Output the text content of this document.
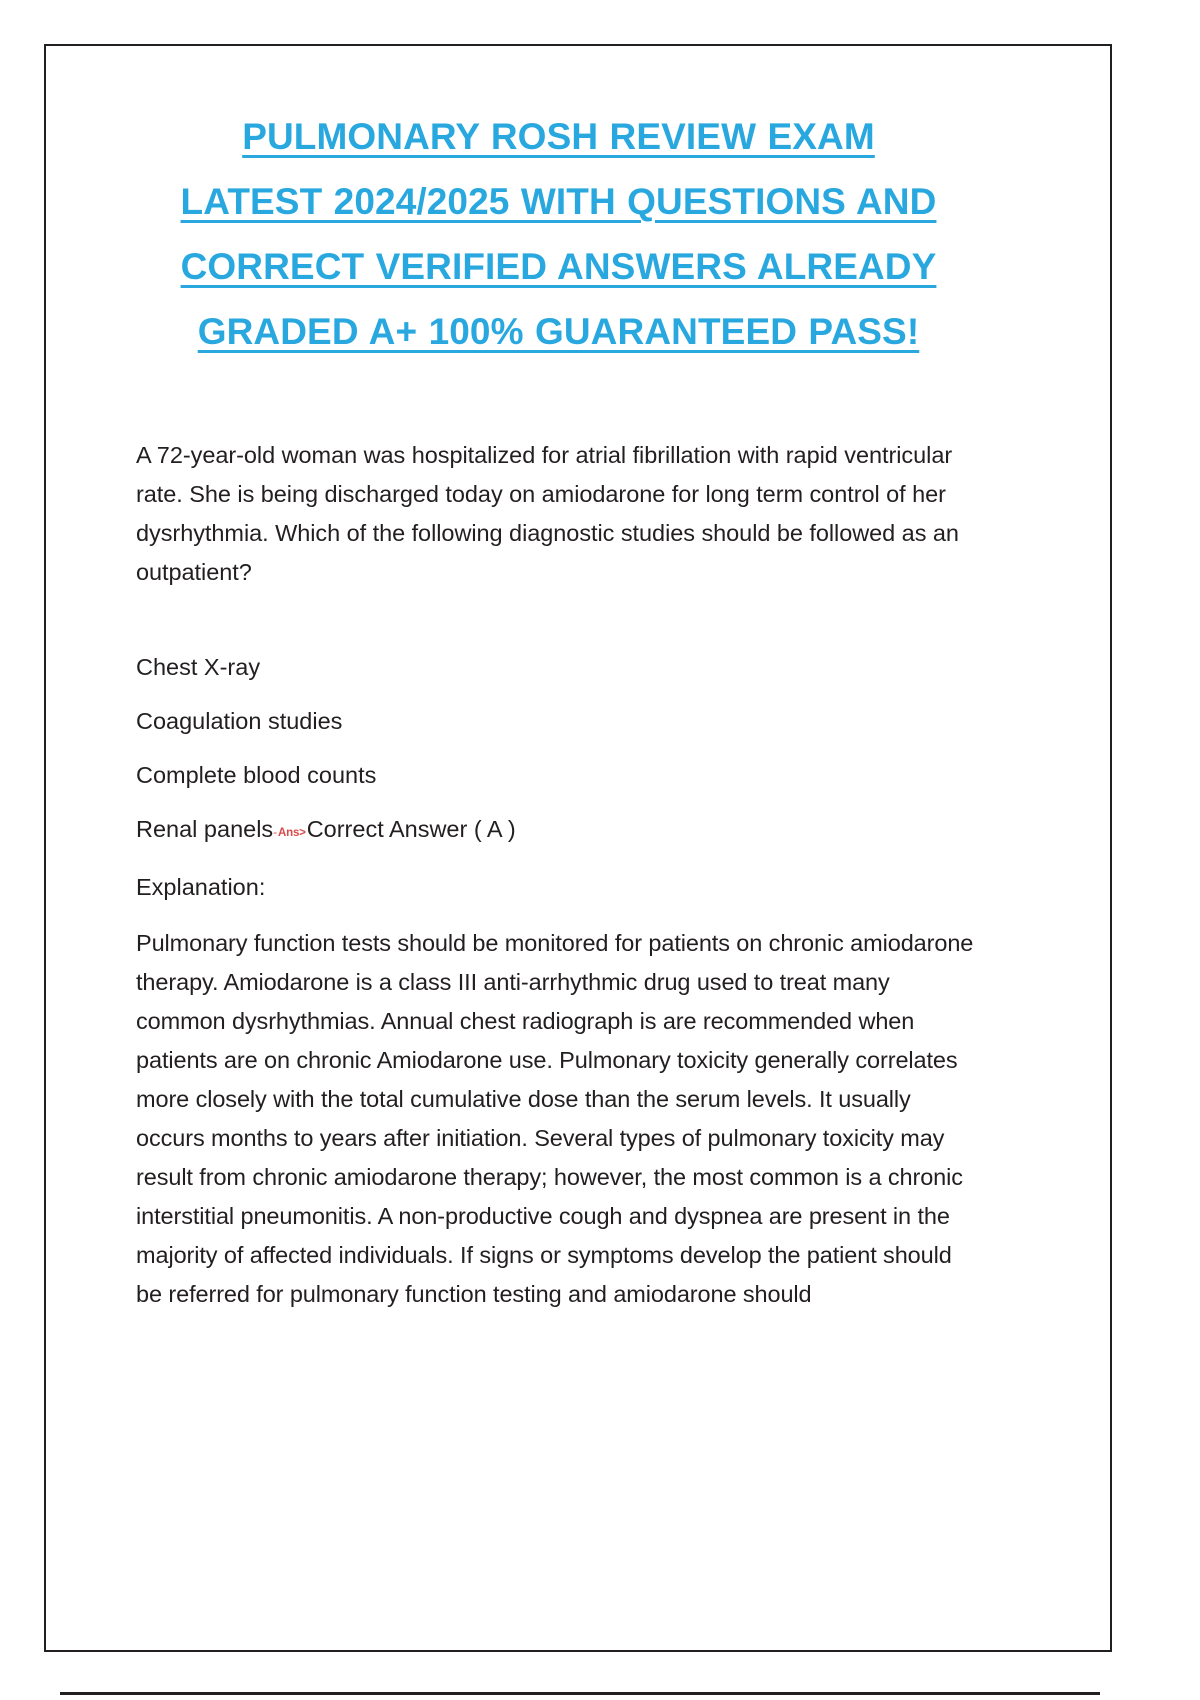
PULMONARY ROSH REVIEW EXAM
LATEST 2024/2025 WITH QUESTIONS AND
CORRECT VERIFIED ANSWERS ALREADY
GRADED A+ 100% GUARANTEED PASS!

A 72-year-old woman was hospitalized for atrial fibrillation with rapid ventricular rate. She is being discharged today on amiodarone for long term control of her dysrhythmia. Which of the following diagnostic studies should be followed as an outpatient?

Chest X-ray
Coagulation studies
Complete blood counts
Renal panels-Ans>Correct Answer ( A )
Explanation:

Pulmonary function tests should be monitored for patients on chronic amiodarone therapy. Amiodarone is a class III anti-arrhythmic drug used to treat many common dysrhythmias. Annual chest radiograph is are recommended when patients are on chronic Amiodarone use. Pulmonary toxicity generally correlates more closely with the total cumulative dose than the serum levels. It usually occurs months to years after initiation. Several types of pulmonary toxicity may result from chronic amiodarone therapy; however, the most common is a chronic interstitial pneumonitis. A non-productive cough and dyspnea are present in the majority of affected individuals. If signs or symptoms develop the patient should be referred for pulmonary function testing and amiodarone should
